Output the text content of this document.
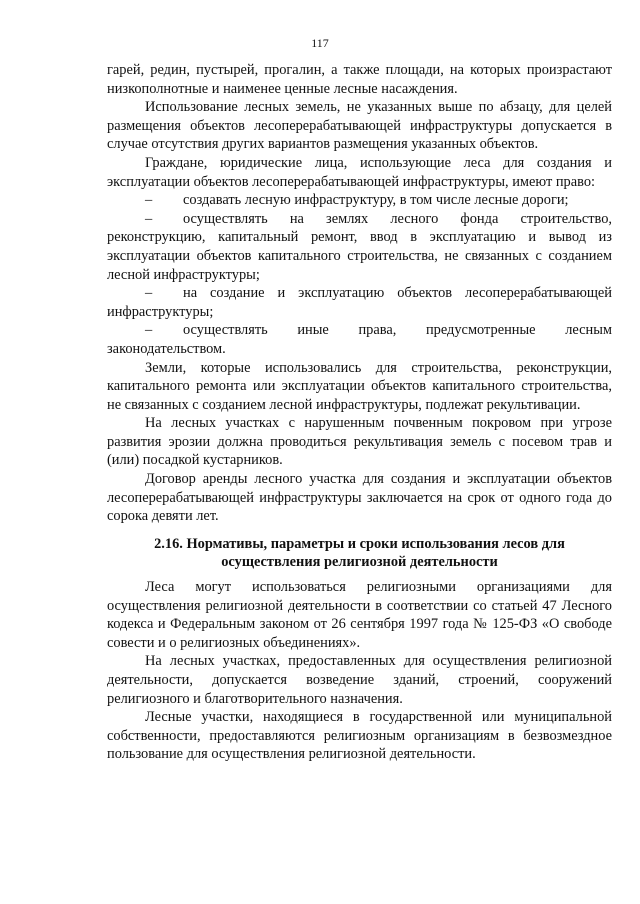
117

гарей, редин, пустырей, прогалин, а также площади, на которых произрастают низкополнотные и наименее ценные лесные насаждения.

Использование лесных земель, не указанных выше по абзацу, для целей размещения объектов лесоперерабатывающей инфраструктуры допускается в случае отсутствия других вариантов размещения указанных объектов.

Граждане, юридические лица, использующие леса для создания и эксплуатации объектов лесоперерабатывающей инфраструктуры, имеют право:

– создавать лесную инфраструктуру, в том числе лесные дороги;

– осуществлять на землях лесного фонда строительство, реконструкцию, капитальный ремонт, ввод в эксплуатацию и вывод из эксплуатации объектов капитального строительства, не связанных с созданием лесной инфраструктуры;

– на создание и эксплуатацию объектов лесоперерабатывающей инфраструктуры;

– осуществлять иные права, предусмотренные лесным законодательством.

Земли, которые использовались для строительства, реконструкции, капитального ремонта или эксплуатации объектов капитального строительства, не связанных с созданием лесной инфраструктуры, подлежат рекультивации.

На лесных участках с нарушенным почвенным покровом при угрозе развития эрозии должна проводиться рекультивация земель с посевом трав и (или) посадкой кустарников.

Договор аренды лесного участка для создания и эксплуатации объектов лесоперерабатывающей инфраструктуры заключается на срок от одного года до сорока девяти лет.

2.16. Нормативы, параметры и сроки использования лесов для осуществления религиозной деятельности

Леса могут использоваться религиозными организациями для осуществления религиозной деятельности в соответствии со статьей 47 Лесного кодекса и Федеральным законом от 26 сентября 1997 года № 125-ФЗ «О свободе совести и о религиозных объединениях».

На лесных участках, предоставленных для осуществления религиозной деятельности, допускается возведение зданий, строений, сооружений религиозного и благотворительного назначения.

Лесные участки, находящиеся в государственной или муниципальной собственности, предоставляются религиозным организациям в безвозмездное пользование для осуществления религиозной деятельности.
